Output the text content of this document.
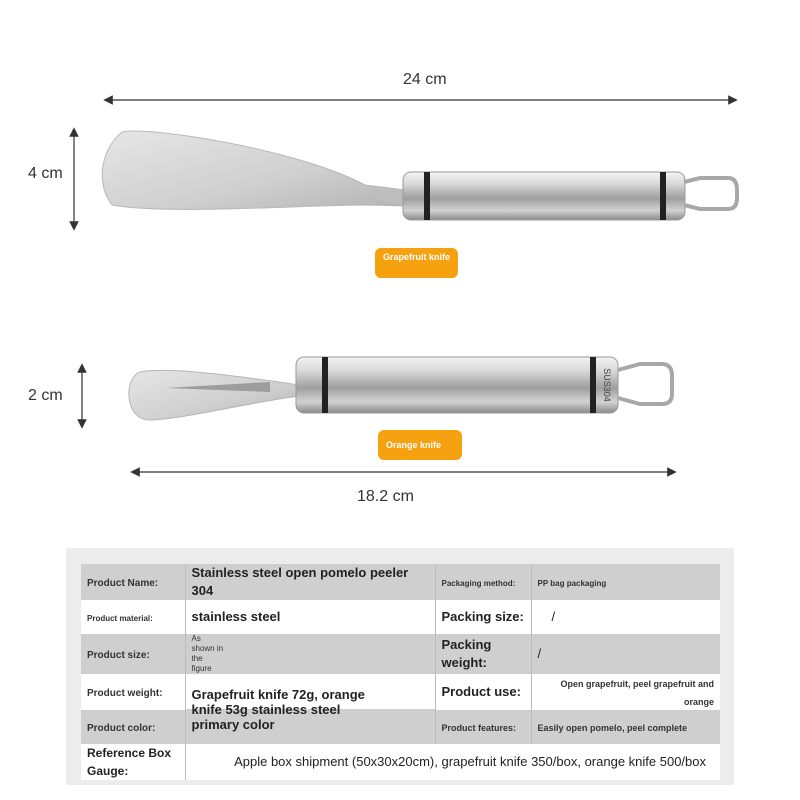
SUS304
24 cm
4 cm
Grapefruit knife
2 cm
Orange knife
18.2 cm
Product Name:	Stainless steel open pomelo peeler 304	Packaging method:	PP bag packaging
Product material:	stainless steel	Packing size:	/
Product size:	As shown in the figure	Packing weight:	/
Product weight:	Grapefruit knife 72g, orange knife 53g stainless steel primary color	Product use:	Open grapefruit, peel grapefruit and orange
Product color:		Product features:	Easily open pomelo, peel complete
Reference Box Gauge:	Apple box shipment (50x30x20cm), grapefruit knife 350/box, orange knife 500/box		
